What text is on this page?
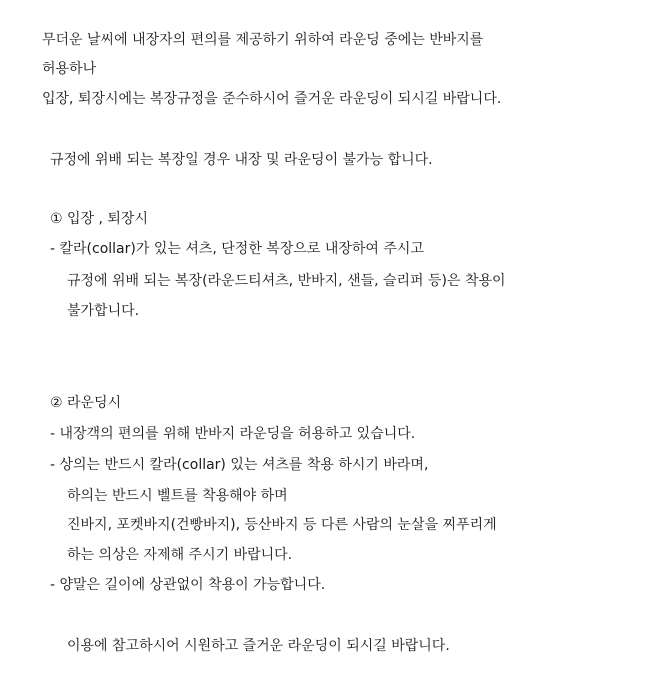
무더운 날씨에 내장자의 편의를 제공하기 위하여 라운딩 중에는 반바지를
허용하나
입장, 퇴장시에는 복장규정을 준수하시어 즐거운 라운딩이 되시길 바랍니다.
규정에 위배 되는 복장일 경우 내장 및 라운딩이 불가능 합니다.
① 입장 , 퇴장시
- 칼라(collar)가 있는 셔츠, 단정한 복장으로 내장하여 주시고
규정에 위배 되는 복장(라운드티셔츠, 반바지, 샌들, 슬리퍼 등)은 착용이
불가합니다.
② 라운딩시
- 내장객의 편의를 위해 반바지 라운딩을 허용하고 있습니다.
- 상의는 반드시 칼라(collar) 있는 셔츠를 착용 하시기 바라며,
하의는 반드시 벨트를 착용해야 하며
진바지, 포켓바지(건빵바지), 등산바지 등 다른 사람의 눈살을 찌푸리게
하는 의상은 자제해 주시기 바랍니다.
- 양말은 길이에 상관없이 착용이 가능합니다.
이용에 참고하시어 시원하고 즐거운 라운딩이 되시길 바랍니다.
